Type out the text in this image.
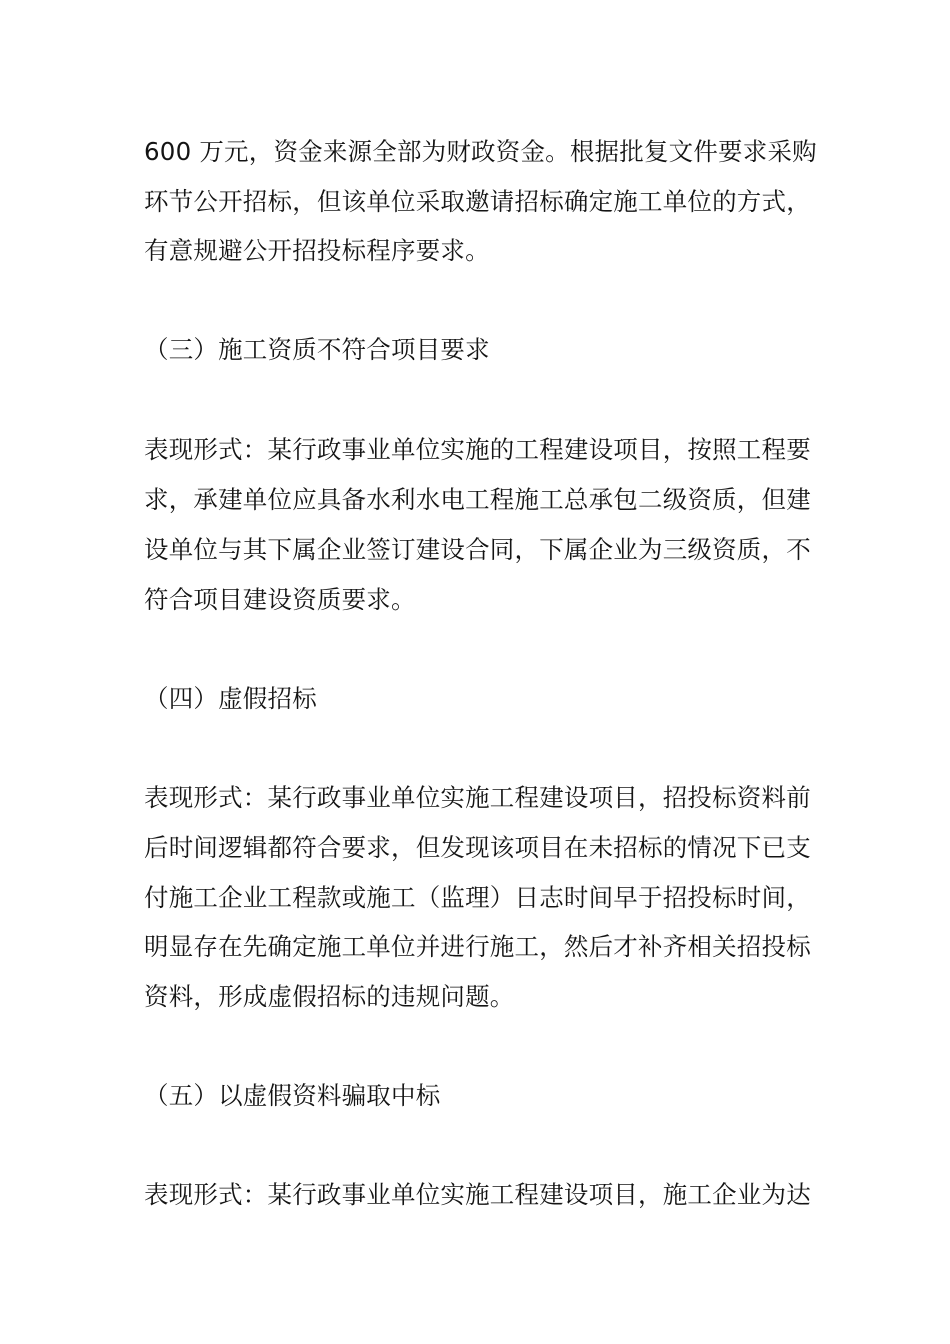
600 万元，资金来源全部为财政资金。根据批复文件要求采购
环节公开招标，但该单位采取邀请招标确定施工单位的方式，
有意规避公开招投标程序要求。
（三）施工资质不符合项目要求
表现形式：某行政事业单位实施的工程建设项目，按照工程要
求，承建单位应具备水利水电工程施工总承包二级资质，但建
设单位与其下属企业签订建设合同，下属企业为三级资质，不
符合项目建设资质要求。
（四）虚假招标
表现形式：某行政事业单位实施工程建设项目，招投标资料前
后时间逻辑都符合要求，但发现该项目在未招标的情况下已支
付施工企业工程款或施工（监理）日志时间早于招投标时间，
明显存在先确定施工单位并进行施工，然后才补齐相关招投标
资料，形成虚假招标的违规问题。
（五）以虚假资料骗取中标
表现形式：某行政事业单位实施工程建设项目，施工企业为达
